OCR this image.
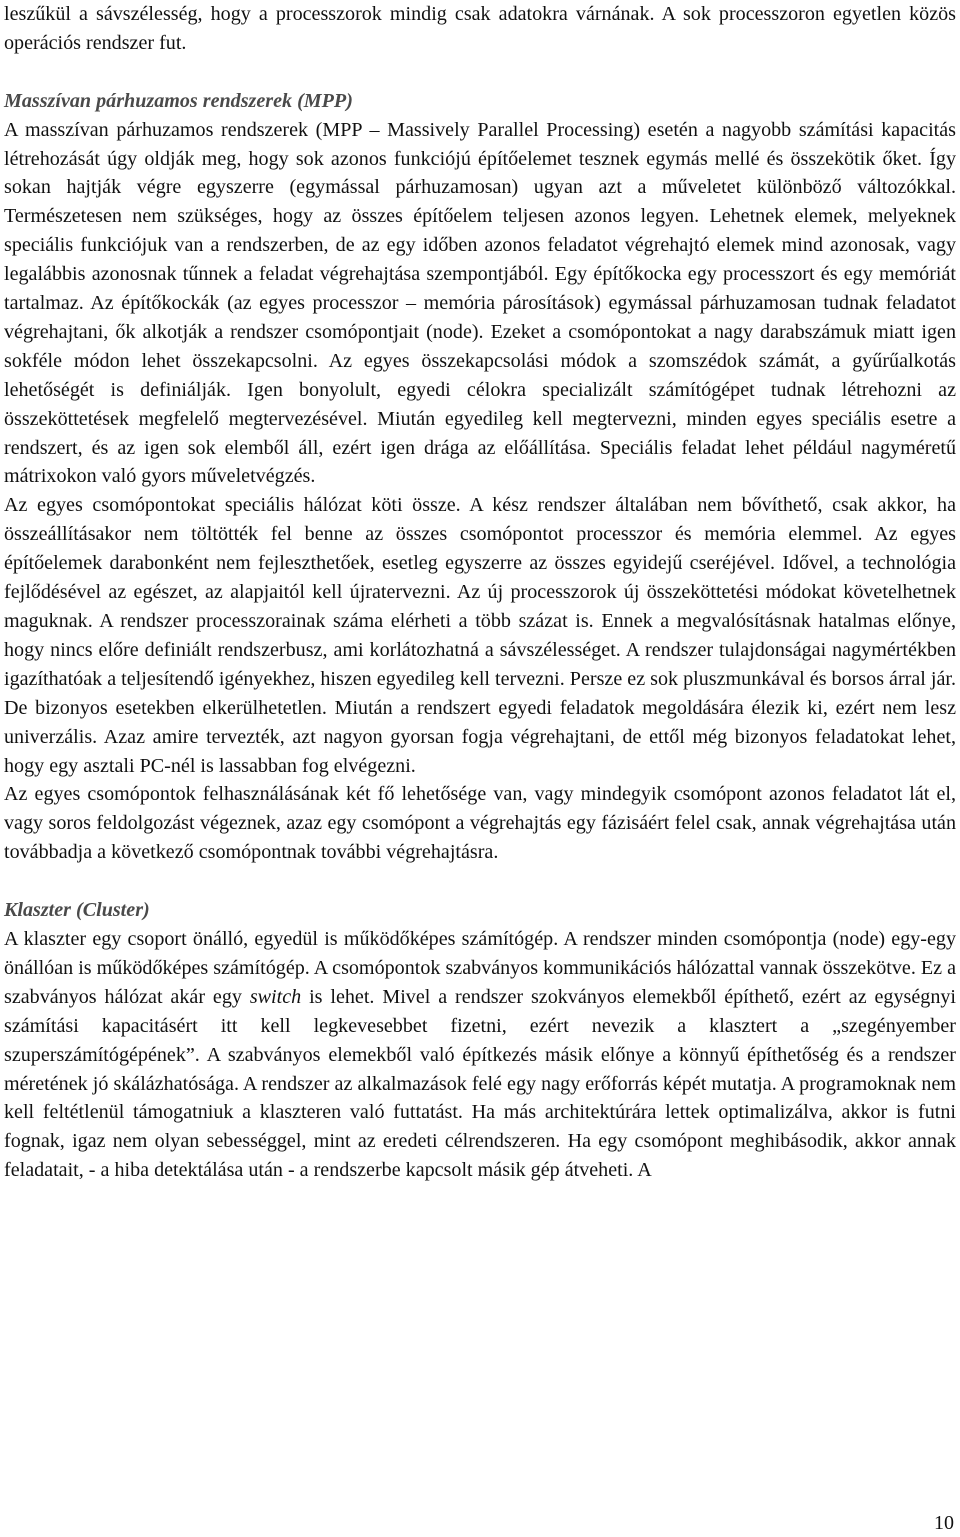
leszűkül a sávszélesség, hogy a processzorok mindig csak adatokra várnának. A sok processzoron egyetlen közös operációs rendszer fut.

Masszívan párhuzamos rendszerek (MPP)

A masszívan párhuzamos rendszerek (MPP – Massively Parallel Processing) esetén a nagyobb számítási kapacitás létrehozását úgy oldják meg, hogy sok azonos funkciójú építőelemet tesznek egymás mellé és összekötik őket. Így sokan hajtják végre egyszerre (egymással párhuzamosan) ugyan azt a műveletet különböző változókkal. Természetesen nem szükséges, hogy az összes építőelem teljesen azonos legyen. Lehetnek elemek, melyeknek speciális funkciójuk van a rendszerben, de az egy időben azonos feladatot végrehajtó elemek mind azonosak, vagy legalábbis azonosnak tűnnek a feladat végrehajtása szempontjából. Egy építőkocka egy processzort és egy memóriát tartalmaz. Az építőkockák (az egyes processzor – memória párosítások) egymással párhuzamosan tudnak feladatot végrehajtani, ők alkotják a rendszer csomópontjait (node). Ezeket a csomópontokat a nagy darabszámuk miatt igen sokféle módon lehet összekapcsolni. Az egyes összekapcsolási módok a szomszédok számát, a gyűrűalkotás lehetőségét is definiálják. Igen bonyolult, egyedi célokra specializált számítógépet tudnak létrehozni az összeköttetések megfelelő megtervezésével. Miután egyedileg kell megtervezni, minden egyes speciális esetre a rendszert, és az igen sok elemből áll, ezért igen drága az előállítása. Speciális feladat lehet például nagyméretű mátrixokon való gyors műveletvégzés.

Az egyes csomópontokat speciális hálózat köti össze. A kész rendszer általában nem bővíthető, csak akkor, ha összeállításakor nem töltötték fel benne az összes csomópontot processzor és memória elemmel. Az egyes építőelemek darabonként nem fejleszthetőek, esetleg egyszerre az összes egyidejű cseréjével. Idővel, a technológia fejlődésével az egészet, az alapjaitól kell újratervezni. Az új processzorok új összeköttetési módokat követelhetnek maguknak. A rendszer processzorainak száma elérheti a több százat is. Ennek a megvalósításnak hatalmas előnye, hogy nincs előre definiált rendszerbusz, ami korlátozhatná a sávszélességet. A rendszer tulajdonságai nagymértékben igazíthatóak a teljesítendő igényekhez, hiszen egyedileg kell tervezni. Persze ez sok pluszmunkával és borsos árral jár. De bizonyos esetekben elkerülhetetlen. Miután a rendszert egyedi feladatok megoldására élezik ki, ezért nem lesz univerzális. Azaz amire tervezték, azt nagyon gyorsan fogja végrehajtani, de ettől még bizonyos feladatokat lehet, hogy egy asztali PC-nél is lassabban fog elvégezni.

Az egyes csomópontok felhasználásának két fő lehetősége van, vagy mindegyik csomópont azonos feladatot lát el, vagy soros feldolgozást végeznek, azaz egy csomópont a végrehajtás egy fázisáért felel csak, annak végrehajtása után továbbadja a következő csomópontnak további végrehajtásra.

Klaszter (Cluster)

A klaszter egy csoport önálló, egyedül is működőképes számítógép. A rendszer minden csomópontja (node) egy-egy önállóan is működőképes számítógép. A csomópontok szabványos kommunikációs hálózattal vannak összekötve. Ez a szabványos hálózat akár egy switch is lehet. Mivel a rendszer szokványos elemekből építhető, ezért az egységnyi számítási kapacitásért itt kell legkevesebbet fizetni, ezért nevezik a klasztert a „szegényember szuperszámítógépének”. A szabványos elemekből való építkezés másik előnye a könnyű építhetőség és a rendszer méretének jó skálázhatósága. A rendszer az alkalmazások felé egy nagy erőforrás képét mutatja. A programoknak nem kell feltétlenül támogatniuk a klaszteren való futtatást. Ha más architektúrára lettek optimalizálva, akkor is futni fognak, igaz nem olyan sebességgel, mint az eredeti célrendszeren. Ha egy csomópont meghibásodik, akkor annak feladatait, - a hiba detektálása után - a rendszerbe kapcsolt másik gép átveheti. A

10
